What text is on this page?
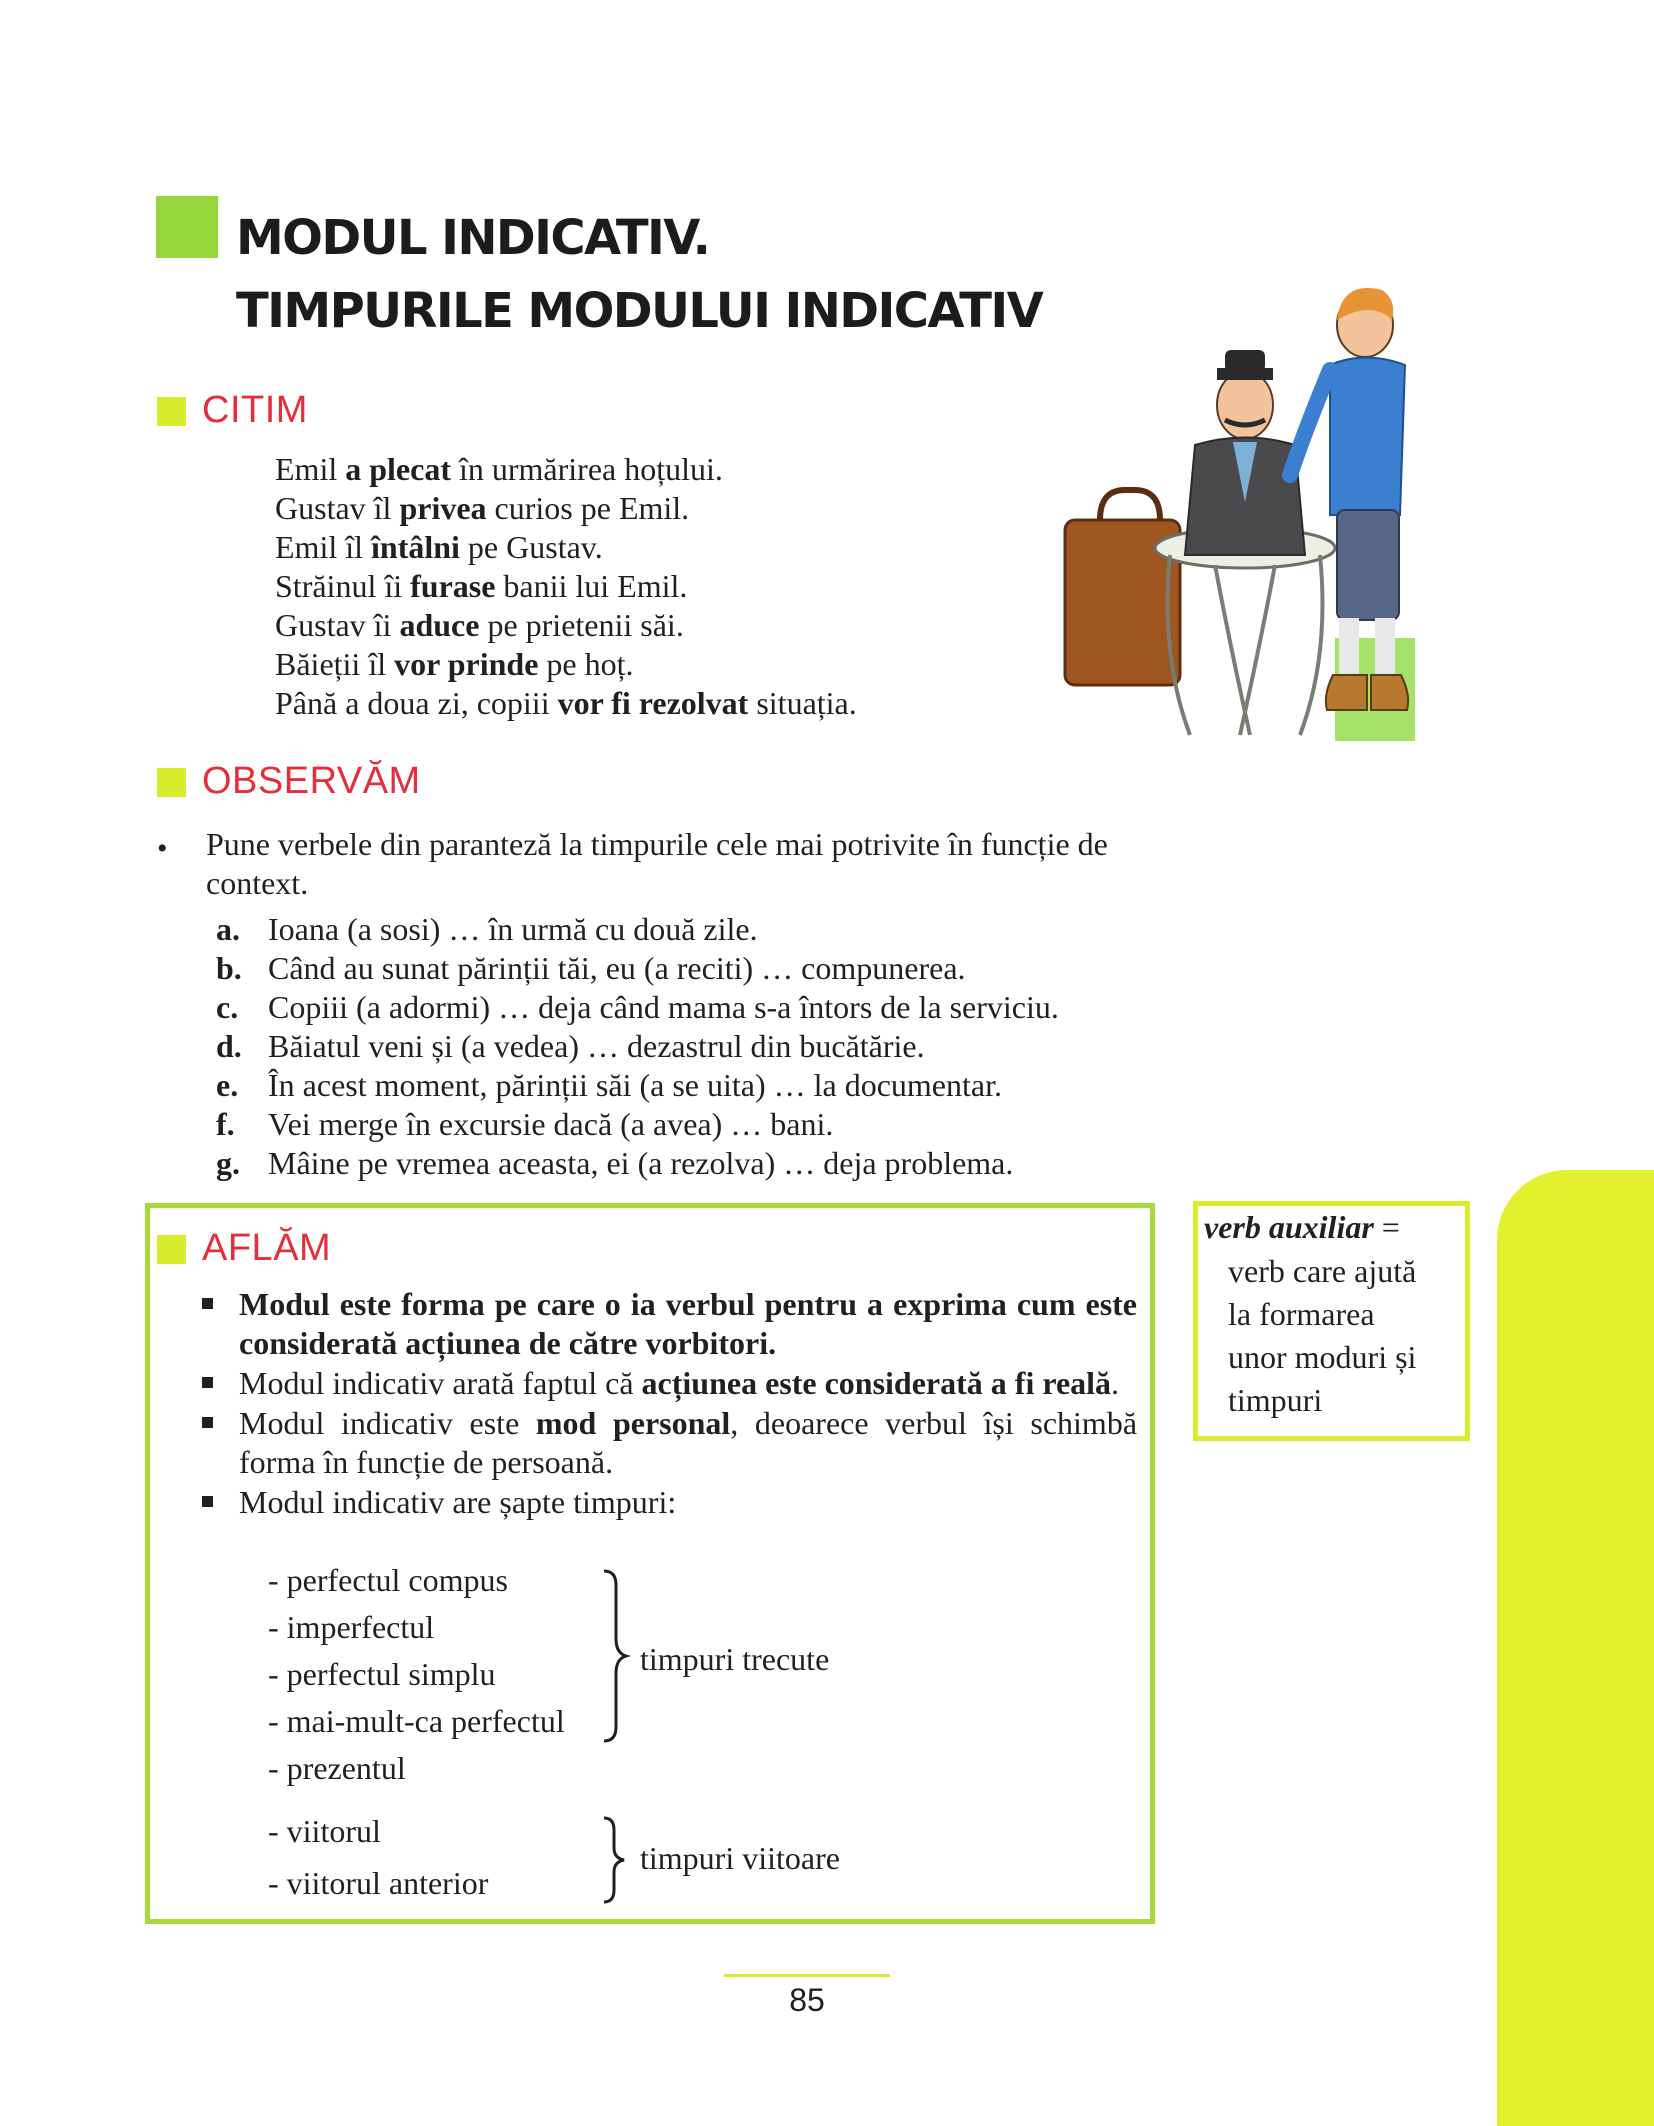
MODUL INDICATIV.
TIMPURILE MODULUI INDICATIV
CITIM
Emil a plecat în urmărirea hoțului.
Gustav îl privea curios pe Emil.
Emil îl întâlni pe Gustav.
Străinul îi furase banii lui Emil.
Gustav îi aduce pe prietenii săi.
Băieții îl vor prinde pe hoț.
Până a doua zi, copiii vor fi rezolvat situația.
OBSERVĂM
• Pune verbele din paranteză la timpurile cele mai potrivite în funcție de context.
a. Ioana (a sosi) … în urmă cu două zile.
b. Când au sunat părinții tăi, eu (a reciti) … compunerea.
c. Copiii (a adormi) … deja când mama s-a întors de la serviciu.
d. Băiatul veni și (a vedea) … dezastrul din bucătărie.
e. În acest moment, părinții săi (a se uita) … la documentar.
f.	Vei merge în excursie dacă (a avea) … bani.
g. Mâine pe vremea aceasta, ei (a rezolva) … deja problema.
AFLĂM
Modul este forma pe care o ia verbul pentru a exprima cum este considerată acțiunea de către vorbitori.
Modul indicativ arată faptul că acțiunea este considerată a fi reală.
Modul indicativ este mod personal, deoarece verbul își schimbă forma în funcție de persoană.
Modul indicativ are șapte timpuri:
- perfectul compus
- imperfectul
- perfectul simplu
- mai-mult-ca perfectul
- prezentul
- viitorul
- viitorul anterior
timpuri trecute
timpuri viitoare
verb auxiliar =
verb care ajută
la formarea
unor moduri și
timpuri
85
